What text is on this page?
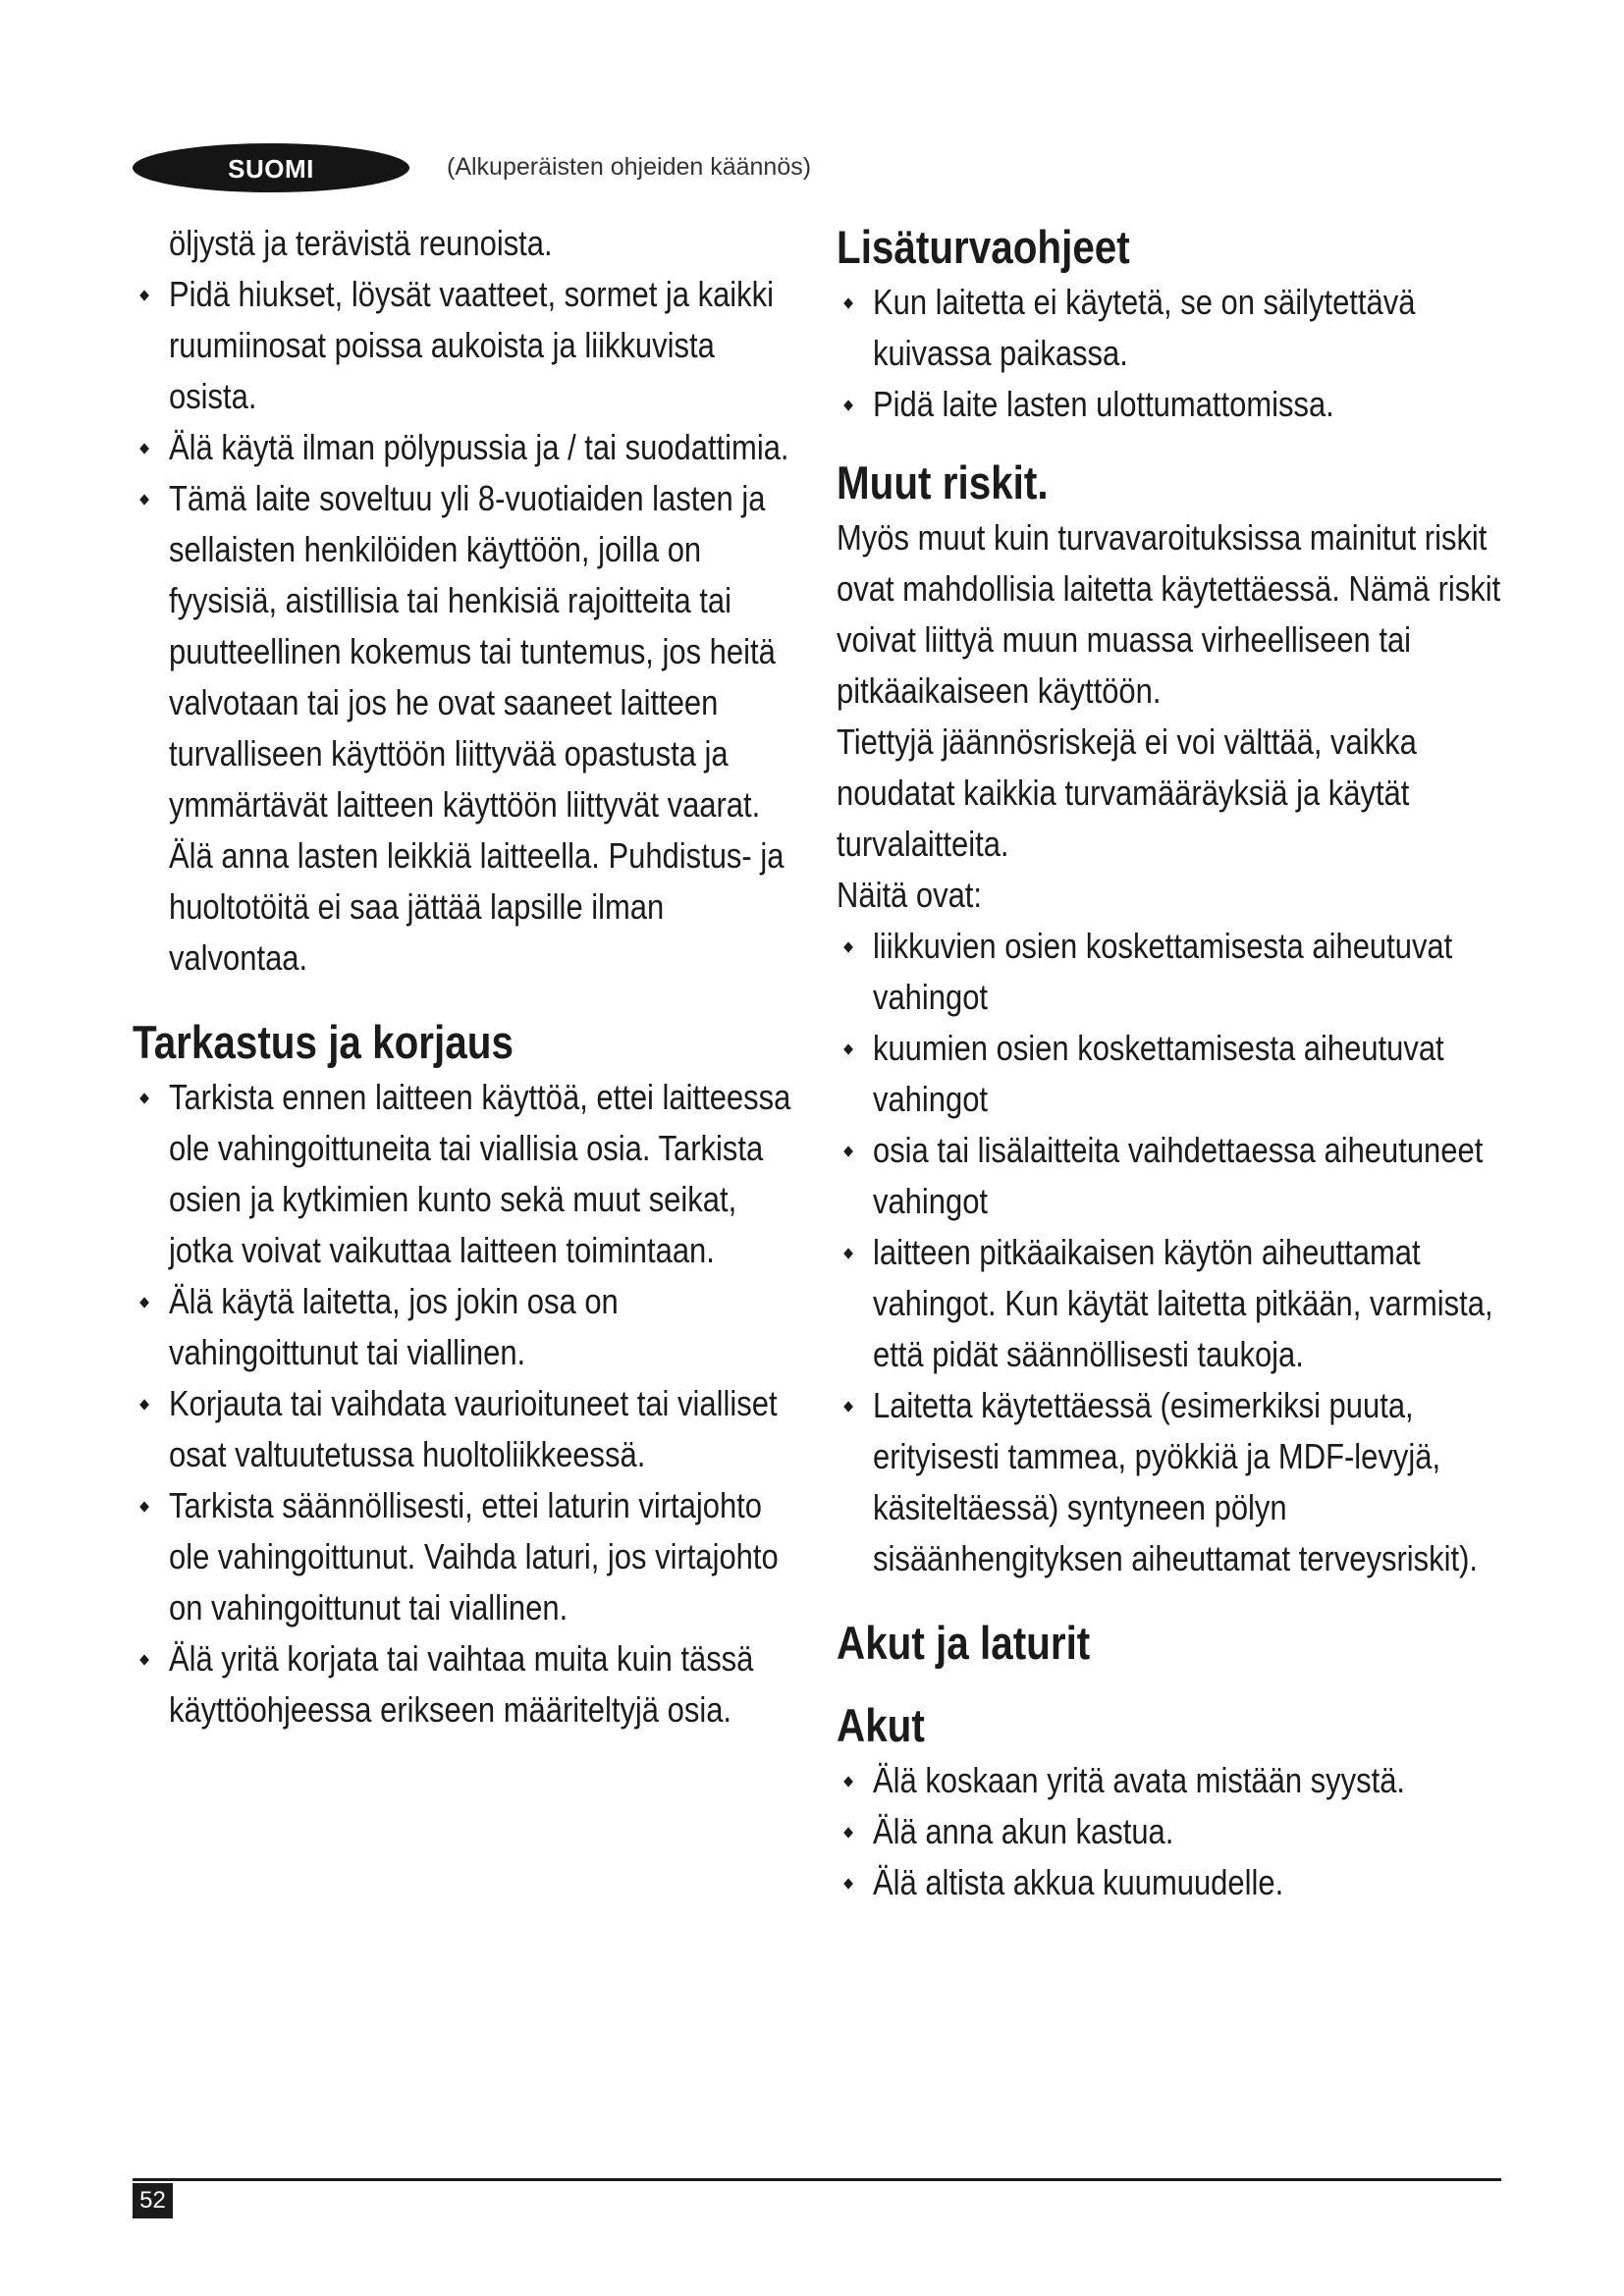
SUOMI	(Alkuperäisten ohjeiden käännös)

öljystä ja terävistä reunoista.

Pidä hiukset, löysät vaatteet, sormet ja kaikki ruumiinosat poissa aukoista ja liikkuvista osista.
Älä käytä ilman pölypussia ja / tai suodattimia.
Tämä laite soveltuu yli 8-vuotiaiden lasten ja sellaisten henkilöiden käyttöön, joilla on fyysisiä, aistillisia tai henkisiä rajoitteita tai puutteellinen kokemus tai tuntemus, jos heitä valvotaan tai jos he ovat saaneet laitteen turvalliseen käyttöön liittyvää opastusta ja ymmärtävät laitteen käyttöön liittyvät vaarat. Älä anna lasten leikkiä laitteella. Puhdistus- ja huoltotöitä ei saa jättää lapsille ilman valvontaa.
Tarkastus ja korjaus
Tarkista ennen laitteen käyttöä, ettei laitteessa ole vahingoittuneita tai viallisia osia. Tarkista osien ja kytkimien kunto sekä muut seikat, jotka voivat vaikuttaa laitteen toimintaan.
Älä käytä laitetta, jos jokin osa on vahingoittunut tai viallinen.
Korjauta tai vaihdata vaurioituneet tai vialliset osat valtuutetussa huoltoliikkeessä.
Tarkista säännöllisesti, ettei laturin virtajohto ole vahingoittunut. Vaihda laturi, jos virtajohto on vahingoittunut tai viallinen.
Älä yritä korjata tai vaihtaa muita kuin tässä käyttöohjeessa erikseen määriteltyjä osia.
Lisäturvaohjeet
Kun laitetta ei käytetä, se on säilytettävä kuivassa paikassa.
Pidä laite lasten ulottumattomissa.
Muut riskit.

Myös muut kuin turvavaroituksissa mainitut riskit ovat mahdollisia laitetta käytettäessä. Nämä riskit voivat liittyä muun muassa virheelliseen tai pitkäaikaiseen käyttöön.

Tiettyjä jäännösriskejä ei voi välttää, vaikka noudatat kaikkia turvamääräyksiä ja käytät turvalaitteita.

Näitä ovat:

liikkuvien osien koskettamisesta aiheutuvat vahingot
kuumien osien koskettamisesta aiheutuvat vahingot
osia tai lisälaitteita vaihdettaessa aiheutuneet vahingot
laitteen pitkäaikaisen käytön aiheuttamat vahingot. Kun käytät laitetta pitkään, varmista, että pidät säännöllisesti taukoja.
Laitetta käytettäessä (esimerkiksi puuta, erityisesti tammea, pyökkiä ja MDF-levyjä, käsiteltäessä) syntyneen pölyn sisäänhengityksen aiheuttamat terveysriskit).
Akut ja laturit
Akut
Älä koskaan yritä avata mistään syystä.
Älä anna akun kastua.
Älä altista akkua kuumuudelle.
52
